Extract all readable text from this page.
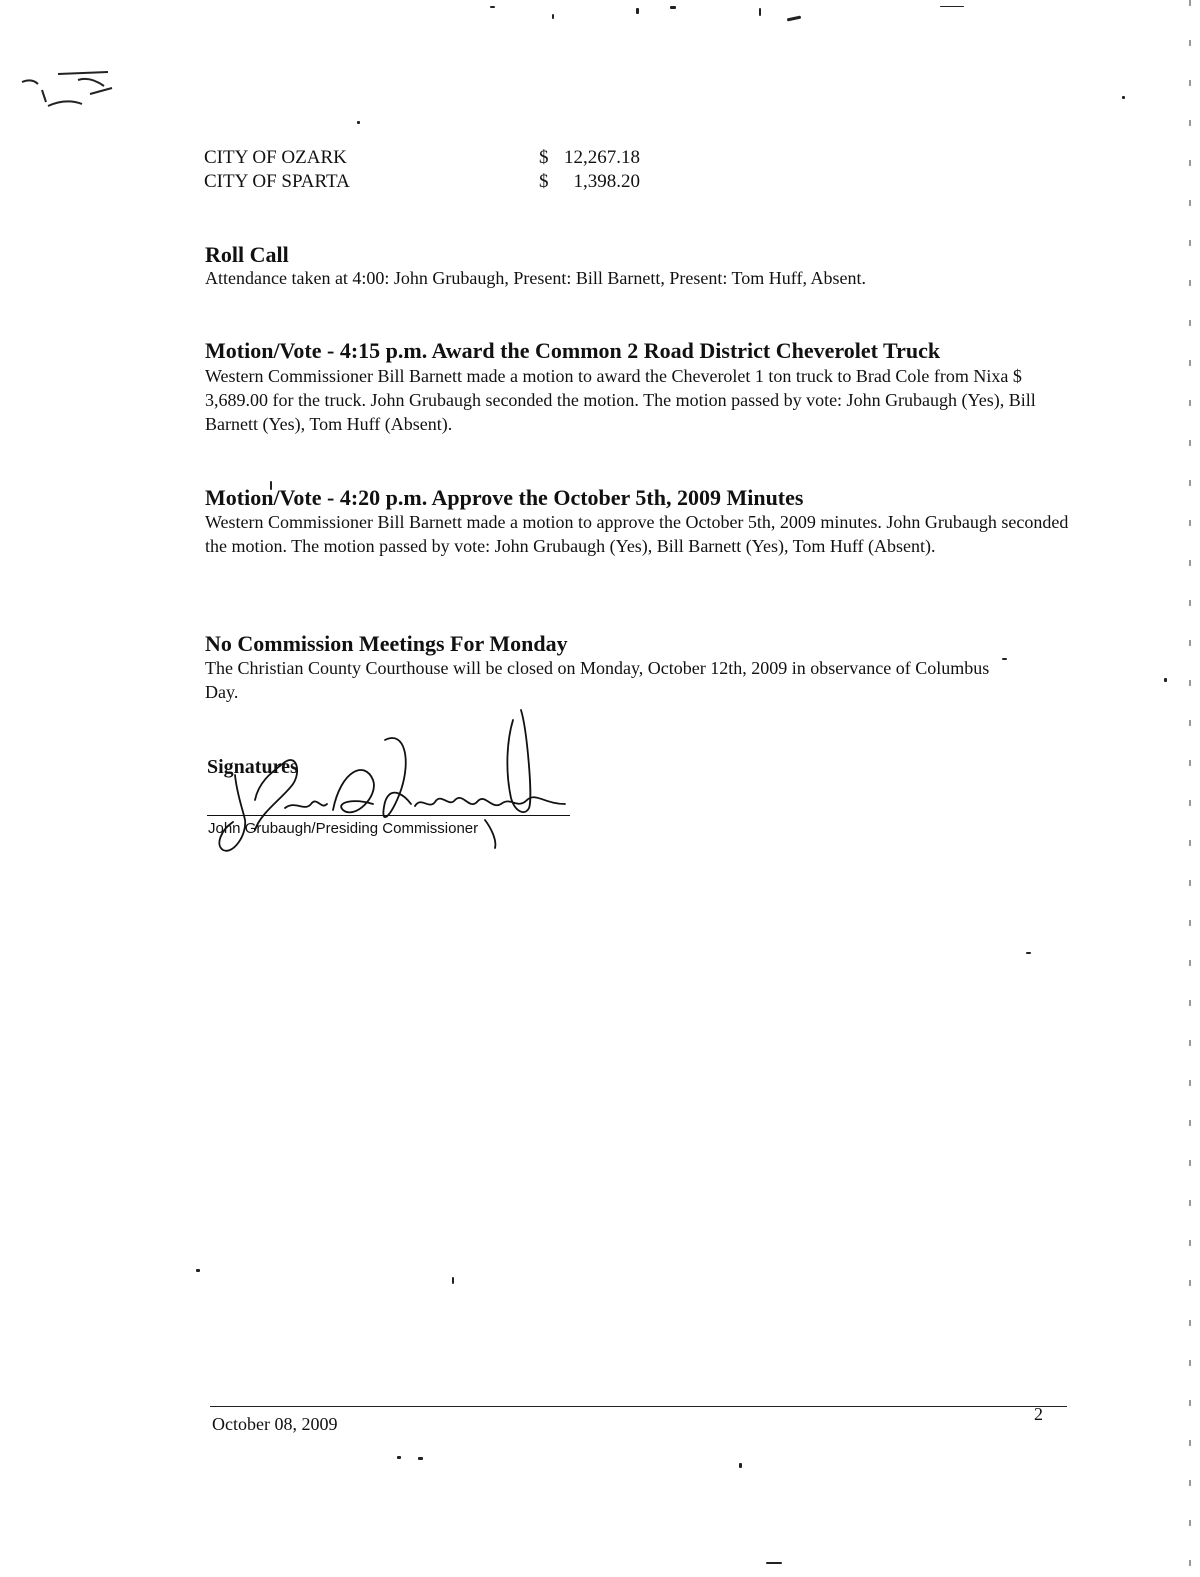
CITY OF OZARK	$ 12,267.18
CITY OF SPARTA	$ 1,398.20
Roll Call
Attendance taken at 4:00: John Grubaugh, Present: Bill Barnett, Present: Tom Huff, Absent.
Motion/Vote - 4:15 p.m. Award the Common 2 Road District Cheverolet Truck
Western Commissioner Bill Barnett made a motion to award the Cheverolet 1 ton truck to Brad Cole from Nixa $ 3,689.00 for the truck. John Grubaugh seconded the motion. The motion passed by vote: John Grubaugh (Yes), Bill Barnett (Yes), Tom Huff (Absent).
Motion/Vote - 4:20 p.m. Approve the October 5th, 2009 Minutes
Western Commissioner Bill Barnett made a motion to approve the October 5th, 2009 minutes. John Grubaugh seconded the motion. The motion passed by vote: John Grubaugh (Yes), Bill Barnett (Yes), Tom Huff (Absent).
No Commission Meetings For Monday
The Christian County Courthouse will be closed on Monday, October 12th, 2009 in observance of Columbus Day.
Signatures
John Grubaugh/Presiding Commissioner
October 08, 2009	2
